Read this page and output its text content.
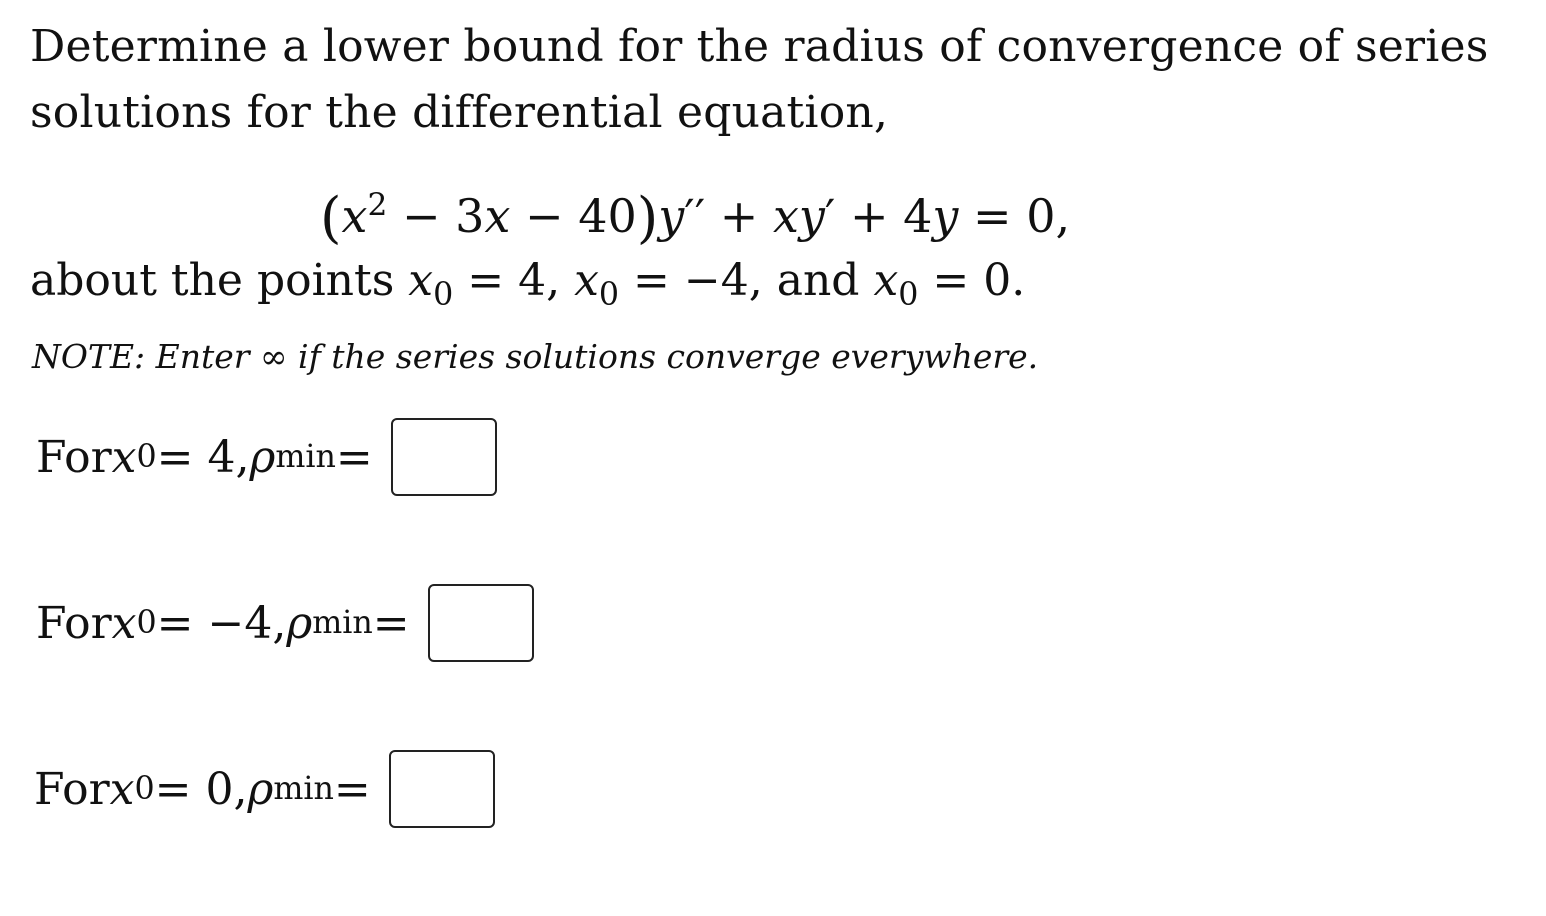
Determine a lower bound for the radius of convergence of series solutions for the differential equation,
$(x^2 - 3x - 40)y'' + xy' + 4y = 0$,
about the points $x_0 = 4$, $x_0 = -4$, and $x_0 = 0$.
NOTE: Enter ∞ if the series solutions converge everywhere.
For x 0 = 4, ρ min =
For x 0 = −4, ρ min =
For x 0 = 0, ρ min =
